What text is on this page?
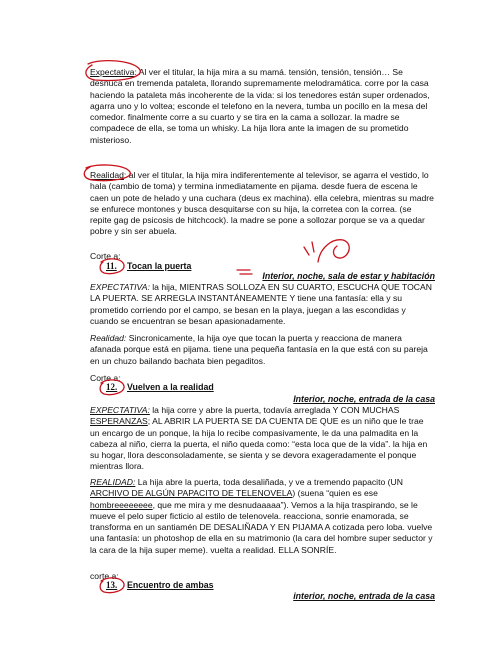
Expectativa: Al ver el titular, la hija mira a su mamá. tensión, tensión, tensión… Se desnuca en tremenda pataleta, llorando supremamente melodramática. corre por la casa haciendo la pataleta más incoherente de la vida: si los tenedores están super ordenados, agarra uno y lo voltea; esconde el telefono en la nevera, tumba un pocillo en la mesa del comedor. finalmente corre a su cuarto y se tira en la cama a sollozar. la madre se compadece de ella, se toma un whisky. La hija llora ante la imagen de su prometido misterioso.

Realidad: al ver el titular, la hija mira indiferentemente al televisor, se agarra el vestido, lo hala (cambio de toma) y termina inmediatamente en pijama. desde fuera de escena le caen un pote de helado y una cuchara (deus ex machina). ella celebra, mientras su madre se enfurece montones y busca desquitarse con su hija, la corretea con la correa. (se repite gag de psicosis de hitchcock). la madre se pone a sollozar porque se va a quedar pobre y sin ser abuela.

Corte a:
11. Tocan la puerta
Interior, noche, sala de estar y habitación

EXPECTATIVA: la hija, MIENTRAS SOLLOZA EN SU CUARTO, ESCUCHA QUE TOCAN LA PUERTA. SE ARREGLA INSTANTÁNEAMENTE Y tiene una fantasía: ella y su prometido corriendo por el campo, se besan en la playa, juegan a las escondidas y cuando se encuentran se besan apasionadamente.

Realidad: Sincronicamente, la hija oye que tocan la puerta y reacciona de manera afanada porque está en pijama. tiene una pequeña fantasía en la que está con su pareja en un chuzo bailando bachata bien pegaditos.

Corte a:
12. Vuelven a la realidad
Interior, noche, entrada de la casa

EXPECTATIVA: la hija corre y abre la puerta, todavía arreglada Y CON MUCHAS ESPERANZAS; AL ABRIR LA PUERTA SE DA CUENTA DE QUE es un niño que le trae un encargo de un ponque, la hija lo recibe compasivamente, le da una palmadita en la cabeza al niño, cierra la puerta, el niño queda como: “esta loca que de la vida”. la hija en su hogar, llora desconsoladamente, se sienta y se devora exageradamente el ponque mientras llora.

REALIDAD: La hija abre la puerta, toda desaliñada, y ve a tremendo papacito (UN ARCHIVO DE ALGÚN PAPACITO DE TELENOVELA) (suena “quien es ese hombreeeeeeee, que me mira y me desnudaaaaa”). Vemos a la hija traspirando, se le mueve el pelo super ficticio al estilo de telenovela. reacciona, sonrie enamorada, se transforma en un santiamén DE DESALIÑADA Y EN PIJAMA A cotizada pero loba. vuelve una fantasía: un photoshop de ella en su matrimonio (la cara del hombre super seductor y la cara de la hija super meme). vuelta a realidad. ELLA SONRÍE.

corte a:
13. Encuentro de ambas
interior, noche, entrada de la casa
